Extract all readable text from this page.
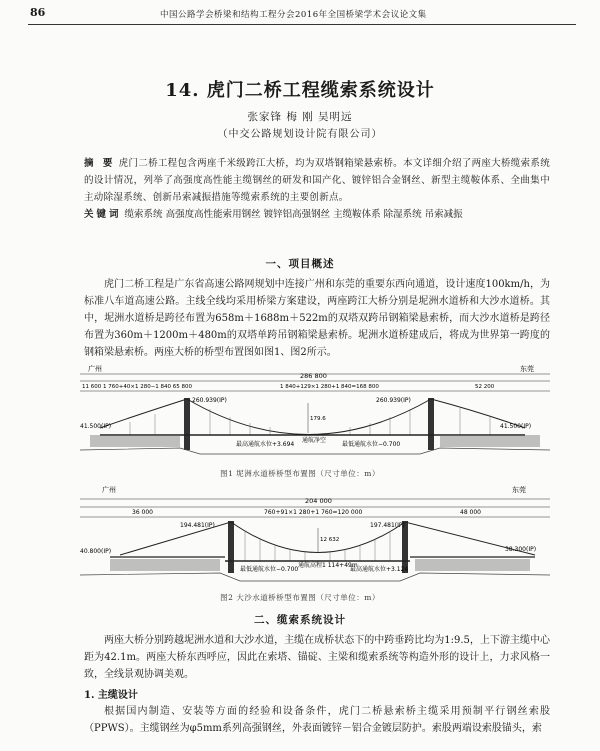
86	中国公路学会桥梁和结构工程分会2016年全国桥梁学术会议论文集
14. 虎门二桥工程缆索系统设计
张家锋 梅 刚 吴明远
（中交公路规划设计院有限公司）
摘 要 虎门二桥工程包含两座千米级跨江大桥，均为双塔钢箱梁悬索桥。本文详细介绍了两座大桥缆索系统的设计情况，列举了高强度高性能主缆钢丝的研发和国产化、镀锌铝合金钢丝、新型主缆鞍体系、全曲集中主动除湿系统、创新吊索减振措施等缆索系统的主要创新点。
关键词 缆索系统 高强度高性能索用钢丝 镀锌铝高强钢丝 主缆鞍体系 除湿系统 吊索减振
一、项目概述
虎门二桥工程是广东省高速公路网规划中连接广州和东莞的重要东西向通道，设计速度100km/h，为标准八车道高速公路。主线全线均采用桥梁方案建设，两座跨江大桥分别是坭洲水道桥和大沙水道桥。其中，坭洲水道桥是跨径布置为658m＋1688m＋522m的双塔双跨吊钢箱梁悬索桥，而大沙水道桥是跨径布置为360m＋1200m＋480m的双塔单跨吊钢箱梁悬索桥。坭洲水道桥建成后，将成为世界第一跨度的钢箱梁悬索桥。两座大桥的桥型布置图如图1、图2所示。
广州	东莞
286 800
11 600 1 760+40×1 280−1 840 65 800	1 840+129×1 280+1 840=168 800	52 200
260.939(IP)	260.939(IP)
179.6
41.500(IP)	41.500(IP)
最高通航水位+3.694
通航净空
最低通航水位−0.700
图1 坭洲水道桥桥型布置图（尺寸单位：m）
广州	东莞
204 000
36 000	760+91×1 280+1 760=120 000	48 000
194.481(IP)	197.481(IP)
12 632
40.800(IP)	38.300(IP)
最低通航水位−0.700
通航高程1 114+49m
最高通航水位+3.124
图2 大沙水道桥桥型布置图（尺寸单位：m）
二、缆索系统设计
两座大桥分别跨越坭洲水道和大沙水道，主缆在成桥状态下的中跨垂跨比均为1:9.5，上下游主缆中心距为42.1m。两座大桥东西呼应，因此在索塔、锚碇、主梁和缆索系统等构造外形的设计上，力求风格一致，全线景观协调美观。
1. 主缆设计
根据国内制造、安装等方面的经验和设备条件，虎门二桥悬索桥主缆采用预制平行钢丝索股（PPWS）。主缆钢丝为φ5mm系列高强钢丝，外表面镀锌－铝合金镀层防护。索股两端设索股锚头，索
